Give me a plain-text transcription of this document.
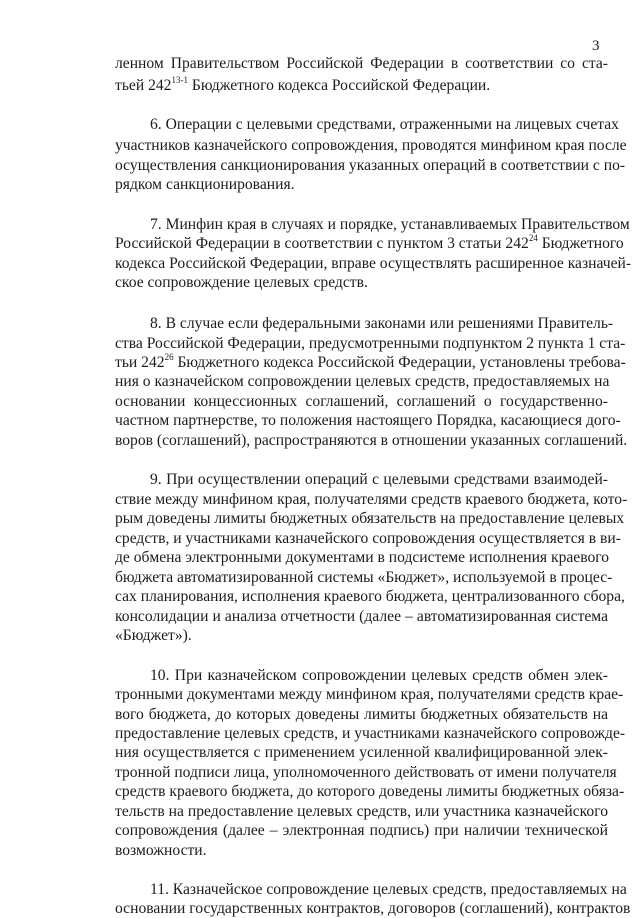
3
ленном Правительством Российской Федерации в соответствии со ста-
тьей 242$^{13-1}$ Бюджетного кодекса Российской Федерации.
6. Операции с целевыми средствами, отраженными на лицевых счетах
участников казначейского сопровождения, проводятся минфином края после
осуществления санкционирования указанных операций в соответствии с по-
рядком санкционирования.
7. Минфин края в случаях и порядке, устанавливаемых Правительством
Российской Федерации в соответствии с пунктом 3 статьи $242^{24}$ Бюджетного
кодекса Российской Федерации, вправе осуществлять расширенное казначей-
ское сопровождение целевых средств.
8. В случае если федеральными законами или решениями Правитель-
ства Российской Федерации, предусмотренными подпунктом 2 пункта 1 ста-
тьи $242^{26}$ Бюджетного кодекса Российской Федерации, установлены требова-
ния о казначейском сопровождении целевых средств, предоставляемых на
основании концессионных соглашений, соглашений о государственно-
частном партнерстве, то положения настоящего Порядка, касающиеся дого-
воров (соглашений), распространяются в отношении указанных соглашений.
9. При осуществлении операций с целевыми средствами взаимодей-
ствие между минфином края, получателями средств краевого бюджета, кото-
рым доведены лимиты бюджетных обязательств на предоставление целевых
средств, и участниками казначейского сопровождения осуществляется в ви-
де обмена электронными документами в подсистеме исполнения краевого
бюджета автоматизированной системы «Бюджет», используемой в процес-
сах планирования, исполнения краевого бюджета, централизованного сбора,
консолидации и анализа отчетности (далее – автоматизированная система
«Бюджет»).
10. При казначейском сопровождении целевых средств обмен элек-
тронными документами между минфином края, получателями средств крае-
вого бюджета, до которых доведены лимиты бюджетных обязательств на
предоставление целевых средств, и участниками казначейского сопровожде-
ния осуществляется с применением усиленной квалифицированной элек-
тронной подписи лица, уполномоченного действовать от имени получателя
средств краевого бюджета, до которого доведены лимиты бюджетных обяза-
тельств на предоставление целевых средств, или участника казначейского
сопровождения (далее – электронная подпись) при наличии технической
возможности.
11. Казначейское сопровождение целевых средств, предоставляемых на
основании государственных контрактов, договоров (соглашений), контрактов
